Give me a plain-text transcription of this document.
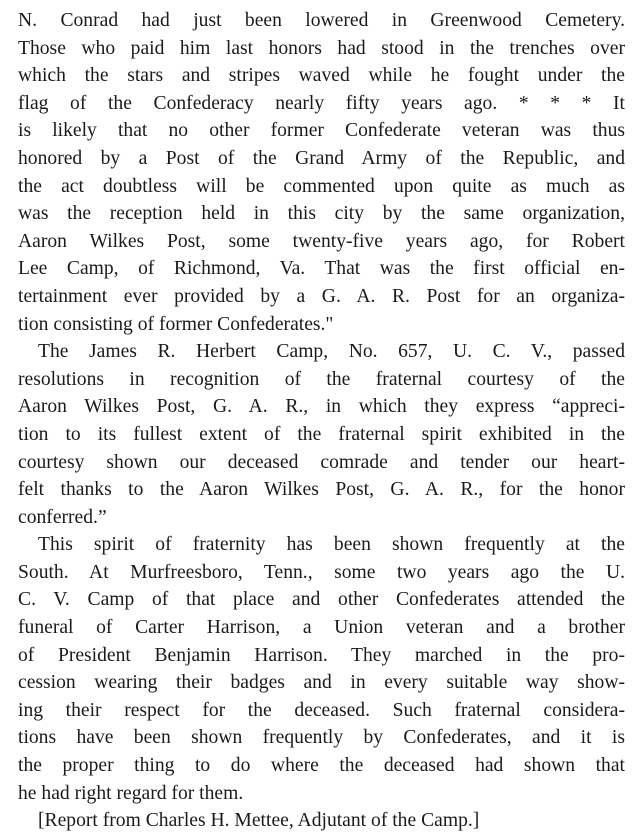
N. Conrad had just been lowered in Greenwood Cemetery.
Those who paid him last honors had stood in the trenches over
which the stars and stripes waved while he fought under the
flag of the Confederacy nearly fifty years ago. * * * It
is likely that no other former Confederate veteran was thus
honored by a Post of the Grand Army of the Republic, and
the act doubtless will be commented upon quite as much as
was the reception held in this city by the same organization,
Aaron Wilkes Post, some twenty-five years ago, for Robert
Lee Camp, of Richmond, Va. That was the first official en-
tertainment ever provided by a G. A. R. Post for an organiza-
tion consisting of former Confederates."
The James R. Herbert Camp, No. 657, U. C. V., passed
resolutions in recognition of the fraternal courtesy of the
Aaron Wilkes Post, G. A. R., in which they express “appreci-
tion to its fullest extent of the fraternal spirit exhibited in the
courtesy shown our deceased comrade and tender our heart-
felt thanks to the Aaron Wilkes Post, G. A. R., for the honor
conferred.”
This spirit of fraternity has been shown frequently at the
South. At Murfreesboro, Tenn., some two years ago the U.
C. V. Camp of that place and other Confederates attended the
funeral of Carter Harrison, a Union veteran and a brother
of President Benjamin Harrison. They marched in the pro-
cession wearing their badges and in every suitable way show-
ing their respect for the deceased. Such fraternal considera-
tions have been shown frequently by Confederates, and it is
the proper thing to do where the deceased had shown that
he had right regard for them.
[Report from Charles H. Mettee, Adjutant of the Camp.]
